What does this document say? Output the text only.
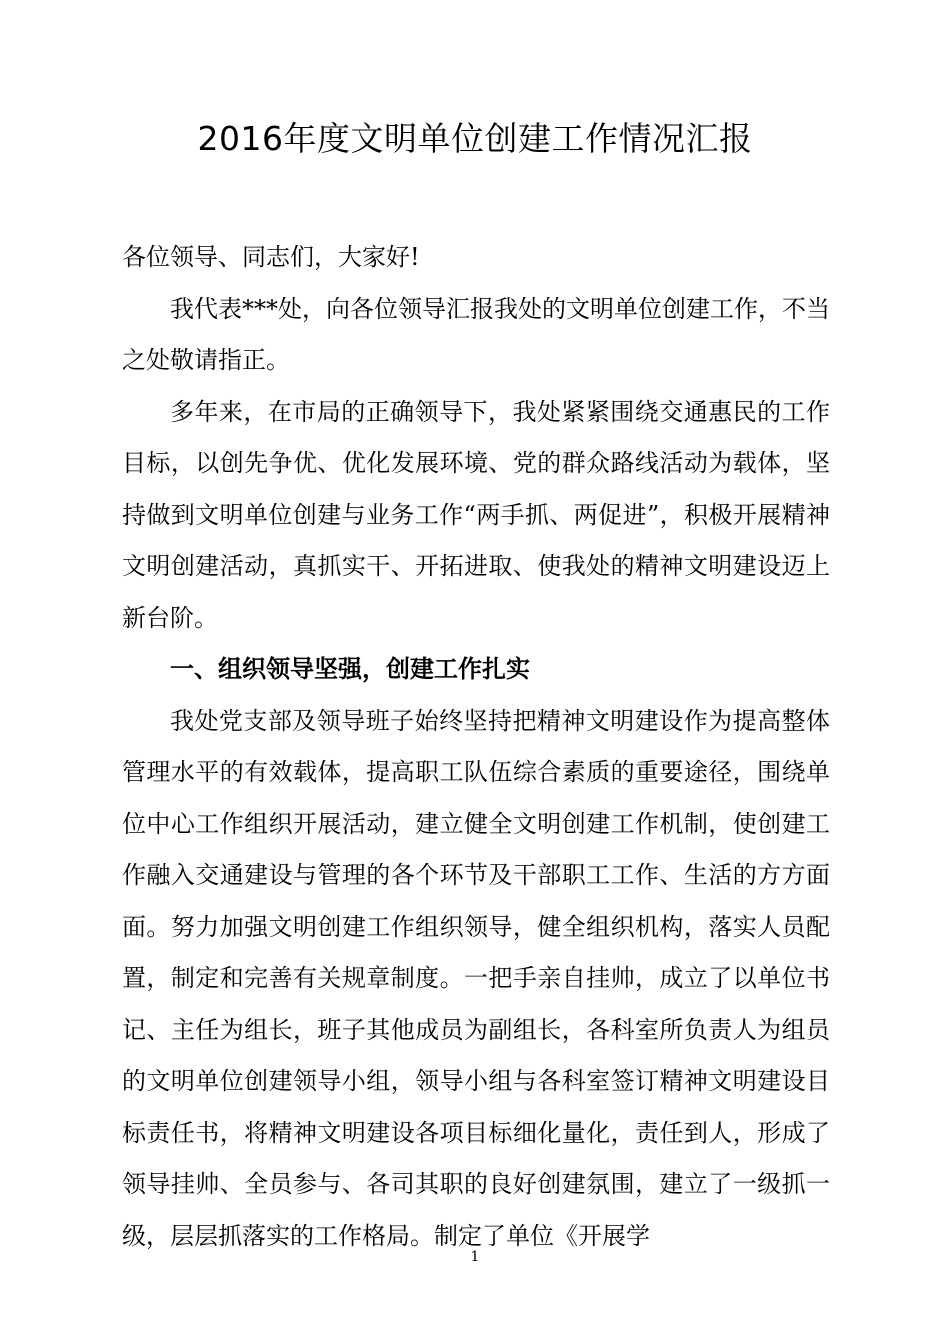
2016年度文明单位创建工作情况汇报

各位领导、同志们，大家好!

我代表***处，向各位领导汇报我处的文明单位创建工作，不当之处敬请指正。

多年来，在市局的正确领导下，我处紧紧围绕交通惠民的工作目标，以创先争优、优化发展环境、党的群众路线活动为载体，坚持做到文明单位创建与业务工作“两手抓、两促进”，积极开展精神文明创建活动，真抓实干、开拓进取、使我处的精神文明建设迈上新台阶。

一、组织领导坚强，创建工作扎实

我处党支部及领导班子始终坚持把精神文明建设作为提高整体管理水平的有效载体，提高职工队伍综合素质的重要途径，围绕单位中心工作组织开展活动，建立健全文明创建工作机制，使创建工作融入交通建设与管理的各个环节及干部职工工作、生活的方方面面。努力加强文明创建工作组织领导，健全组织机构，落实人员配置，制定和完善有关规章制度。一把手亲自挂帅，成立了以单位书记、主任为组长，班子其他成员为副组长，各科室所负责人为组员的文明单位创建领导小组，领导小组与各科室签订精神文明建设目标责任书，将精神文明建设各项目标细化量化，责任到人，形成了领导挂帅、全员参与、各司其职的良好创建氛围，建立了一级抓一级，层层抓落实的工作格局。制定了单位《开展学

1
